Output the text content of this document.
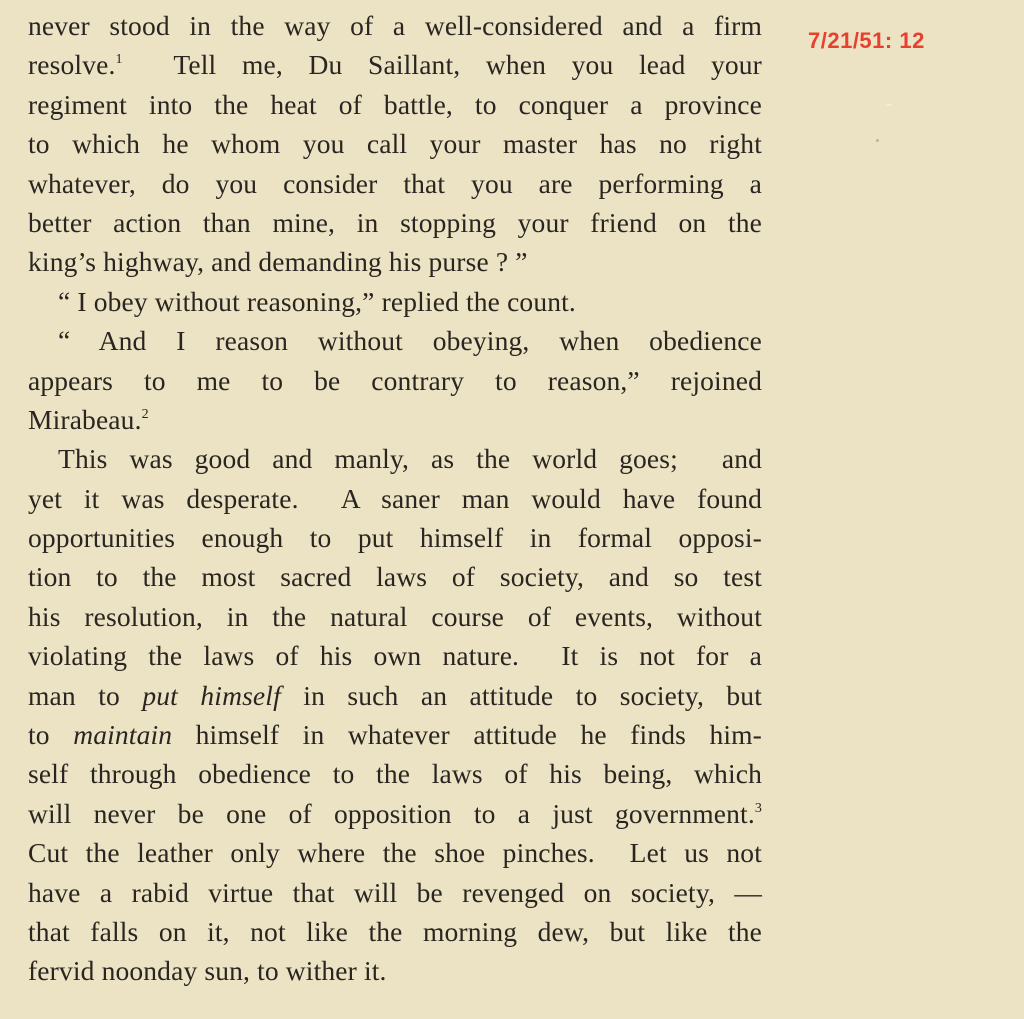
never stood in the way of a well-considered and a firm
resolve.$^1$  Tell me, Du Saillant, when you lead your
regiment into the heat of battle, to conquer a province
to which he whom you call your master has no right
whatever, do you consider that you are performing a
better action than mine, in stopping your friend on the
king’s highway, and demanding his purse ? ”
“ I obey without reasoning,” replied the count.
“ And I reason without obeying, when obedience
appears to me to be contrary to reason,” rejoined
Mirabeau.$^2$
This was good and manly, as the world goes;  and
yet it was desperate.  A saner man would have found
opportunities enough to put himself in formal opposi-
tion to the most sacred laws of society, and so test
his resolution, in the natural course of events, without
violating the laws of his own nature.  It is not for a
man to put himself in such an attitude to society, but
to maintain himself in whatever attitude he finds him-
self through obedience to the laws of his being, which
will never be one of opposition to a just government.$^3$
Cut the leather only where the shoe pinches.  Let us not
have a rabid virtue that will be revenged on society, —
that falls on it, not like the morning dew, but like the
fervid noonday sun, to wither it.
7/21/51: 12
